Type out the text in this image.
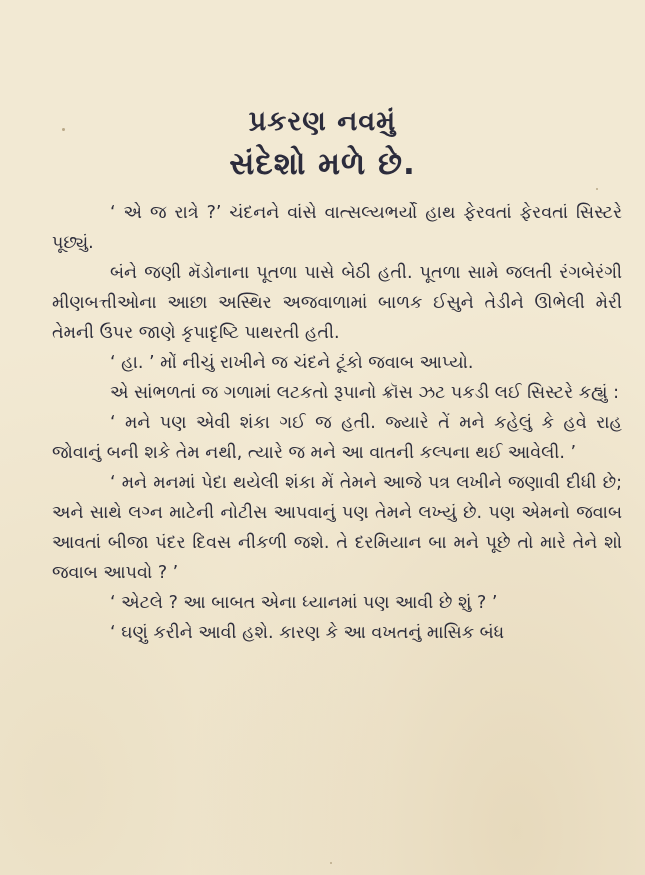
પ્રકરણ નવમું
સંદેશો મળે છે.

‘ એ જ રાત્રે ?’ ચંદનને વાંસે વાત્સલ્યભર્યો હાથ ફેરવતાં ફેરવતાં સિસ્ટરે પૂછ્યું.

બંને જણી મૅડોનાના પૂતળા પાસે બેઠી હતી. પૂતળા સામે જલતી રંગબેરંગી મીણબત્તીઓના આછા અસ્થિર અજવાળામાં બાળક ઈસુને તેડીને ઊભેલી મેરી તેમની ઉપર જાણે કૃપાદૃષ્ટિ પાથરતી હતી.

‘ હા. ’ મોં નીચું રાખીને જ ચંદને ટૂંકો જવાબ આપ્યો.

એ સાંભળતાં જ ગળામાં લટકતો રૂપાનો ક્રૉસ ઝટ પકડી લઈ સિસ્ટરે કહ્યું :

‘ મને પણ એવી શંકા ગઈ જ હતી. જ્યારે તેં મને કહેલું કે હવે રાહ જોવાનું બની શકે તેમ નથી, ત્યારે જ મને આ વાતની કલ્પના થઈ આવેલી. ’

‘ મને મનમાં પેદા થયેલી શંકા મેં તેમને આજે પત્ર લખીને જણાવી દીધી છે; અને સાથે લગ્ન માટેની નોટીસ આપવાનું પણ તેમને લખ્યું છે. પણ એમનો જવાબ આવતાં બીજા પંદર દિવસ નીકળી જશે. તે દરમિયાન બા મને પૂછે તો મારે તેને શો જવાબ આપવો ? ’

‘ એટલે ? આ બાબત એના ધ્યાનમાં પણ આવી છે શું ? ’

‘ ઘણું કરીને આવી હશે. કારણ કે આ વખતનું માસિક બંધ
